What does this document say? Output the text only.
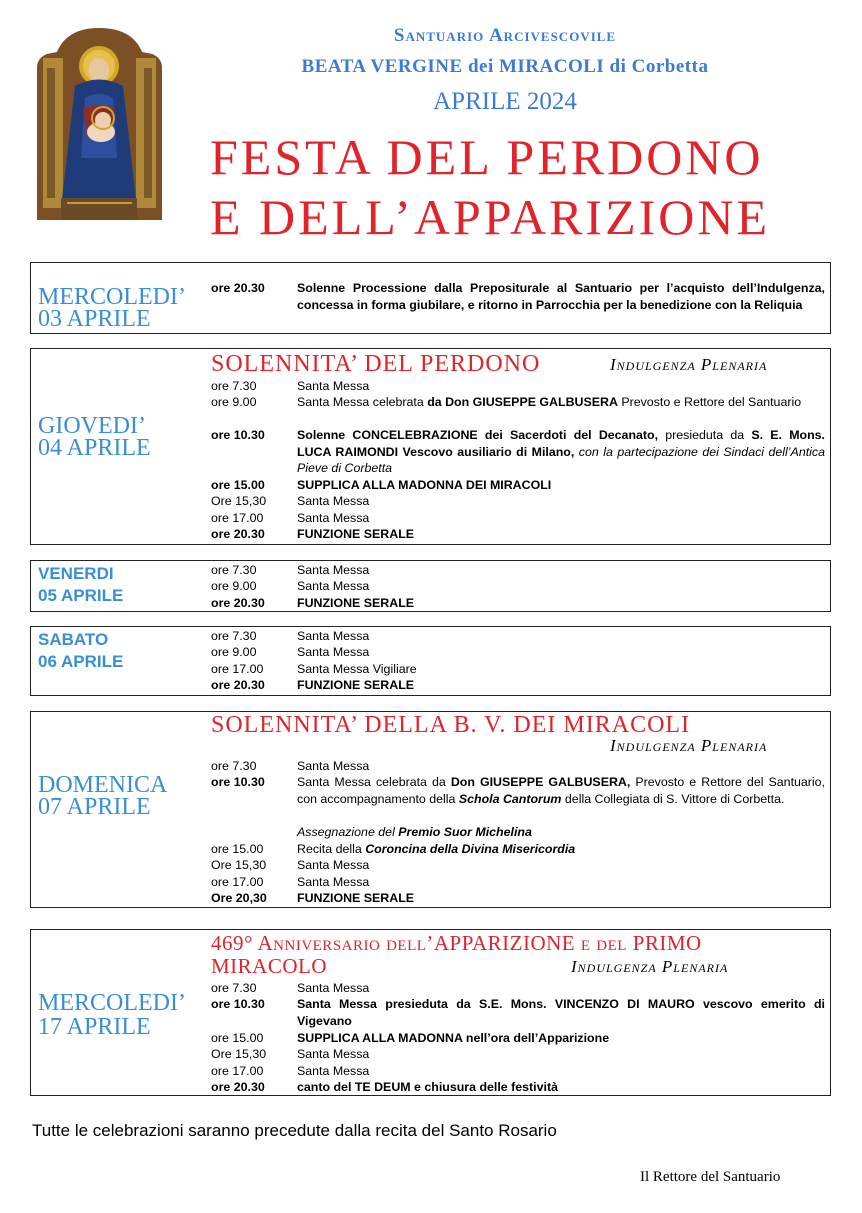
Santuario Arcivescovile
BEATA VERGINE dei MIRACOLI di Corbetta
APRILE 2024
FESTA DEL PERDONO
E DELL’APPARIZIONE
MERCOLEDI’
03 APRILE
ore 20.30	Solenne Processione dalla Prepositurale al Santuario per l’acquisto dell’Indulgenza, concessa in forma giubilare, e ritorno in Parrocchia per la benedizione con la Reliquia
SOLENNITA’ DEL PERDONO	Indulgenza Plenaria
GIOVEDI’
04 APRILE
ore 7.30	Santa Messa
ore 9.00	Santa Messa celebrata da Don GIUSEPPE GALBUSERA Prevosto e Rettore del Santuario
ore 10.30	Solenne CONCELEBRAZIONE dei Sacerdoti del Decanato, presieduta da S. E. Mons. LUCA RAIMONDI Vescovo ausiliario di Milano, con la partecipazione dei Sindaci dell’Antica Pieve di Corbetta
ore 15.00	SUPPLICA ALLA MADONNA DEI MIRACOLI
Ore 15,30	Santa Messa
ore 17.00	Santa Messa
ore 20.30	FUNZIONE SERALE
VENERDI
05 APRILE
ore 7.30	Santa Messa
ore 9.00	Santa Messa
ore 20.30	FUNZIONE SERALE
SABATO
06 APRILE
ore 7.30	Santa Messa
ore 9.00	Santa Messa
ore 17.00	Santa Messa Vigiliare
ore 20.30	FUNZIONE SERALE
SOLENNITA’ DELLA B. V. DEI MIRACOLI
Indulgenza Plenaria
DOMENICA
07 APRILE
ore 7.30	Santa Messa
ore 10.30	Santa Messa celebrata da Don GIUSEPPE GALBUSERA, Prevosto e Rettore del Santuario, con accompagnamento della Schola Cantorum della Collegiata di S. Vittore di Corbetta.
Assegnazione del Premio Suor Michelina
ore 15.00	Recita della Coroncina della Divina Misericordia
Ore 15,30	Santa Messa
ore 17.00	Santa Messa
Ore 20,30	FUNZIONE SERALE
469° Anniversario dell’APPARIZIONE e del PRIMO
MIRACOLO	Indulgenza Plenaria
MERCOLEDI’
17 APRILE
ore 7.30	Santa Messa
ore 10.30	Santa Messa presieduta da S.E. Mons. VINCENZO DI MAURO vescovo emerito di Vigevano
ore 15.00	SUPPLICA ALLA MADONNA nell’ora dell’Apparizione
Ore 15,30	Santa Messa
ore 17.00	Santa Messa
ore 20.30	canto del TE DEUM e chiusura delle festività
Tutte le celebrazioni saranno precedute dalla recita del Santo Rosario
Il Rettore del Santuario
